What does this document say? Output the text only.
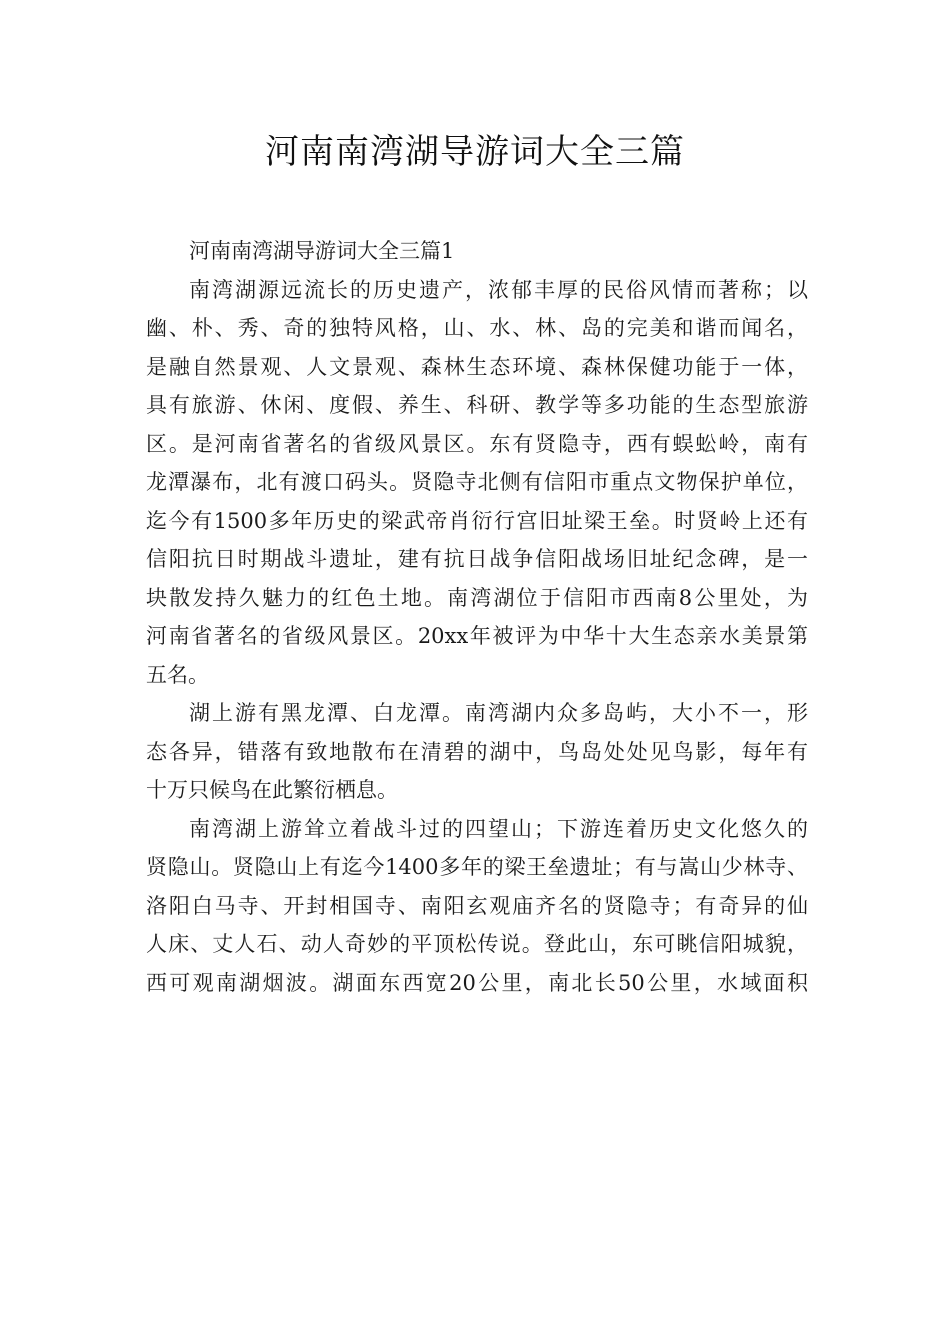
河南南湾湖导游词大全三篇
河南南湾湖导游词大全三篇1
南湾湖源远流长的历史遗产，浓郁丰厚的民俗风情而著称；以
幽、朴、秀、奇的独特风格，山、水、林、岛的完美和谐而闻名，
是融自然景观、人文景观、森林生态环境、森林保健功能于一体，
具有旅游、休闲、度假、养生、科研、教学等多功能的生态型旅游
区。是河南省著名的省级风景区。东有贤隐寺，西有蜈蚣岭，南有
龙潭瀑布，北有渡口码头。贤隐寺北侧有信阳市重点文物保护单位，
迄今有1500多年历史的梁武帝肖衍行宫旧址梁王垒。时贤岭上还有
信阳抗日时期战斗遗址，建有抗日战争信阳战场旧址纪念碑，是一
块散发持久魅力的红色土地。南湾湖位于信阳市西南8公里处，为
河南省著名的省级风景区。20xx年被评为中华十大生态亲水美景第
五名。
湖上游有黑龙潭、白龙潭。南湾湖内众多岛屿，大小不一，形
态各异，错落有致地散布在清碧的湖中，鸟岛处处见鸟影，每年有
十万只候鸟在此繁衍栖息。
南湾湖上游耸立着战斗过的四望山；下游连着历史文化悠久的
贤隐山。贤隐山上有迄今1400多年的梁王垒遗址；有与嵩山少林寺、
洛阳白马寺、开封相国寺、南阳玄观庙齐名的贤隐寺；有奇异的仙
人床、丈人石、动人奇妙的平顶松传说。登此山，东可眺信阳城貌，
西可观南湖烟波。湖面东西宽20公里，南北长50公里，水域面积
